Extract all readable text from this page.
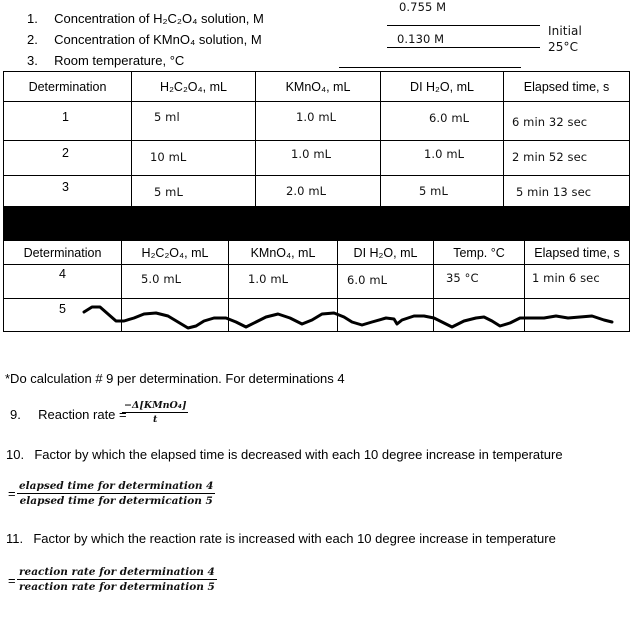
1. Concentration of H₂C₂O₄ solution, M
2. Concentration of KMnO₄ solution, M
3. Room temperature, °C
0.755 M
0.130 M
Initial
25°C
Determination	H₂C₂O₄, mL	KMnO₄, mL	DI H₂O, mL	Elapsed time, s

1	5 ml	1.0 mL	6.0 mL	6 min 32 sec

2	10 mL	1.0 mL	1.0 mL	2 min 52 sec

3	5 mL	2.0 mL	5 mL	5 min 13 sec
Determination	H₂C₂O₄, mL	KMnO₄, mL	DI H₂O, mL	Temp. °C	Elapsed time, s

4	5.0 mL	1.0 mL	6.0 mL	35 °C	1 min 6 sec

5					

*Do calculation # 9 per determination. For determinations 4
9. Reaction rate =
−Δ[KMnO₄]
t
10. Factor by which the elapsed time is decreased with each 10 degree increase in temperature
= elapsed time for determination 4
elapsed time for determication 5
11. Factor by which the reaction rate is increased with each 10 degree increase in temperature
=
reaction rate for determination 4
reaction rate for determination 5
